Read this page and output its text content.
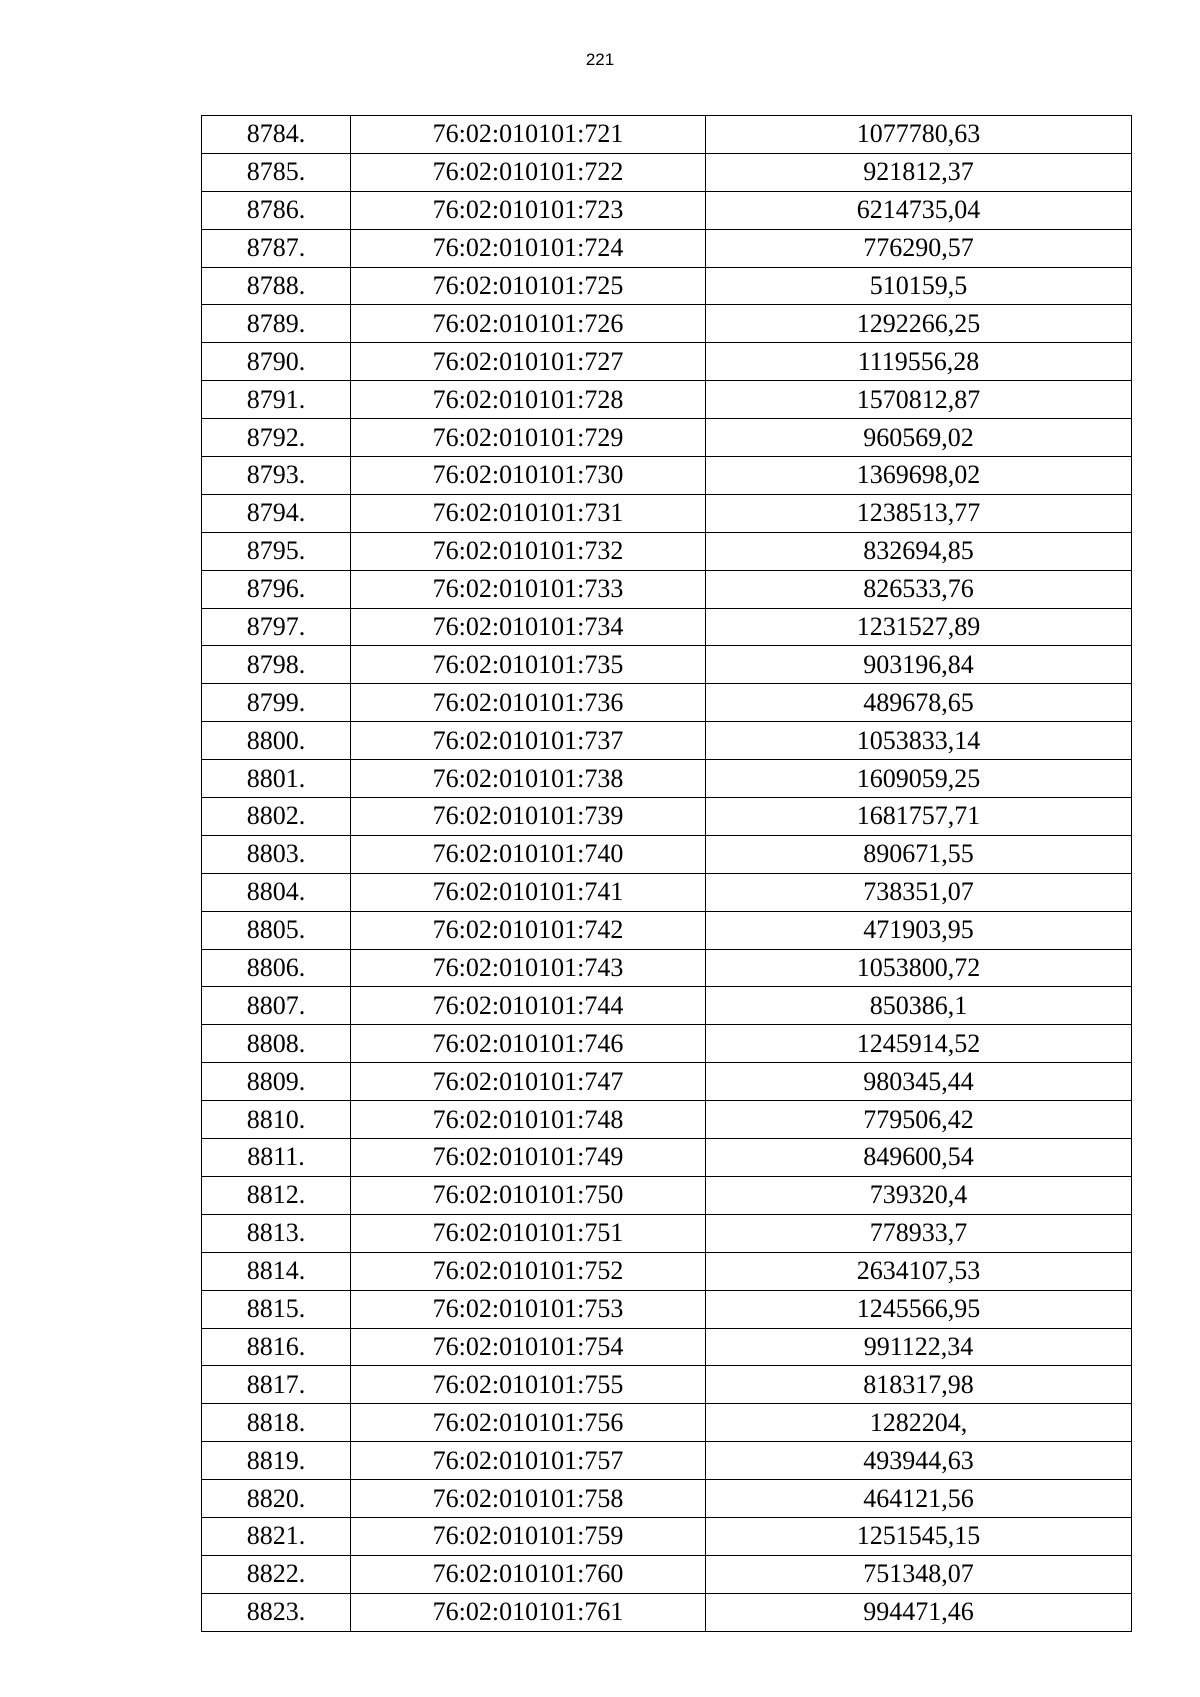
221
8784.	76:02:010101:721	1077780,63
8785.	76:02:010101:722	921812,37
8786.	76:02:010101:723	6214735,04
8787.	76:02:010101:724	776290,57
8788.	76:02:010101:725	510159,5
8789.	76:02:010101:726	1292266,25
8790.	76:02:010101:727	1119556,28
8791.	76:02:010101:728	1570812,87
8792.	76:02:010101:729	960569,02
8793.	76:02:010101:730	1369698,02
8794.	76:02:010101:731	1238513,77
8795.	76:02:010101:732	832694,85
8796.	76:02:010101:733	826533,76
8797.	76:02:010101:734	1231527,89
8798.	76:02:010101:735	903196,84
8799.	76:02:010101:736	489678,65
8800.	76:02:010101:737	1053833,14
8801.	76:02:010101:738	1609059,25
8802.	76:02:010101:739	1681757,71
8803.	76:02:010101:740	890671,55
8804.	76:02:010101:741	738351,07
8805.	76:02:010101:742	471903,95
8806.	76:02:010101:743	1053800,72
8807.	76:02:010101:744	850386,1
8808.	76:02:010101:746	1245914,52
8809.	76:02:010101:747	980345,44
8810.	76:02:010101:748	779506,42
8811.	76:02:010101:749	849600,54
8812.	76:02:010101:750	739320,4
8813.	76:02:010101:751	778933,7
8814.	76:02:010101:752	2634107,53
8815.	76:02:010101:753	1245566,95
8816.	76:02:010101:754	991122,34
8817.	76:02:010101:755	818317,98
8818.	76:02:010101:756	1282204,
8819.	76:02:010101:757	493944,63
8820.	76:02:010101:758	464121,56
8821.	76:02:010101:759	1251545,15
8822.	76:02:010101:760	751348,07
8823.	76:02:010101:761	994471,46
